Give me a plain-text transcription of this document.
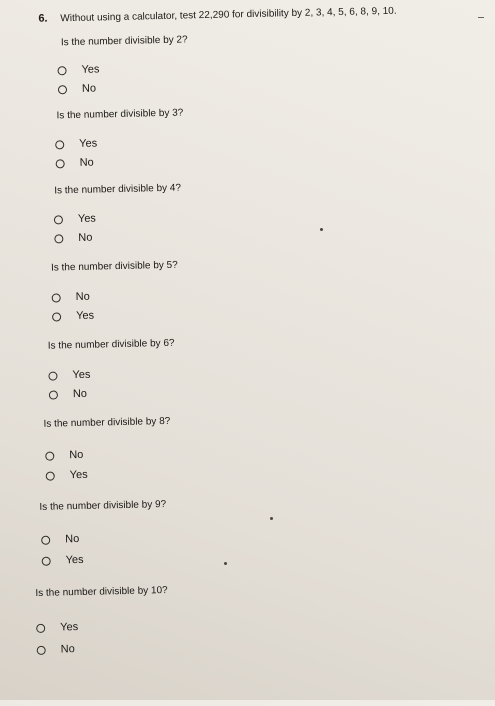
6. Without using a calculator, test 22,290 for divisibility by 2, 3, 4, 5, 6, 8, 9, 10.
Is the number divisible by 2?
Yes
No
Is the number divisible by 3?
Yes
No
Is the number divisible by 4?
Yes
No
Is the number divisible by 5?
No
Yes
Is the number divisible by 6?
Yes
No
Is the number divisible by 8?
No
Yes
Is the number divisible by 9?
No
Yes
Is the number divisible by 10?
Yes
No
